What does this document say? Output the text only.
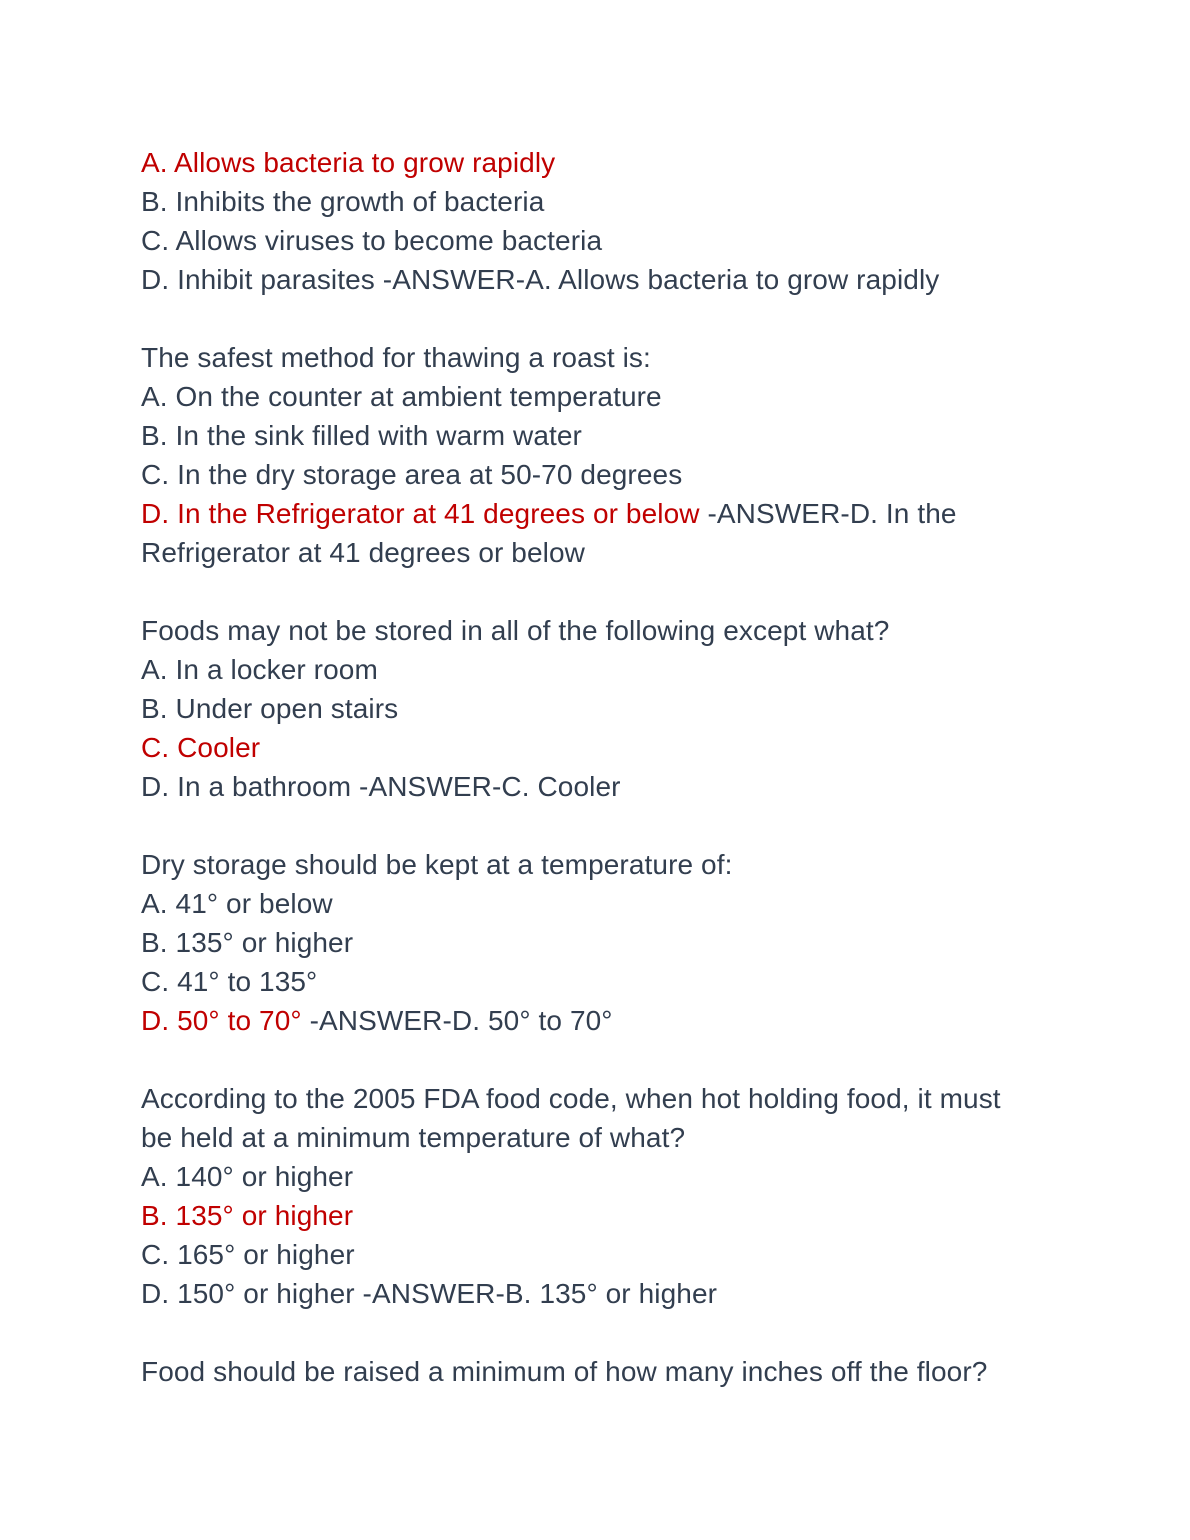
A. Allows bacteria to grow rapidly
B. Inhibits the growth of bacteria
C. Allows viruses to become bacteria
D. Inhibit parasites -ANSWER-A. Allows bacteria to grow rapidly
The safest method for thawing a roast is:
A. On the counter at ambient temperature
B. In the sink filled with warm water
C. In the dry storage area at 50-70 degrees
D. In the Refrigerator at 41 degrees or below -ANSWER-D. In the
Refrigerator at 41 degrees or below
Foods may not be stored in all of the following except what?
A. In a locker room
B. Under open stairs
C. Cooler
D. In a bathroom -ANSWER-C. Cooler
Dry storage should be kept at a temperature of:
A. 41° or below
B. 135° or higher
C. 41° to 135°
D. 50° to 70° -ANSWER-D. 50° to 70°
According to the 2005 FDA food code, when hot holding food, it must
be held at a minimum temperature of what?
A. 140° or higher
B. 135° or higher
C. 165° or higher
D. 150° or higher -ANSWER-B. 135° or higher
Food should be raised a minimum of how many inches off the floor?
